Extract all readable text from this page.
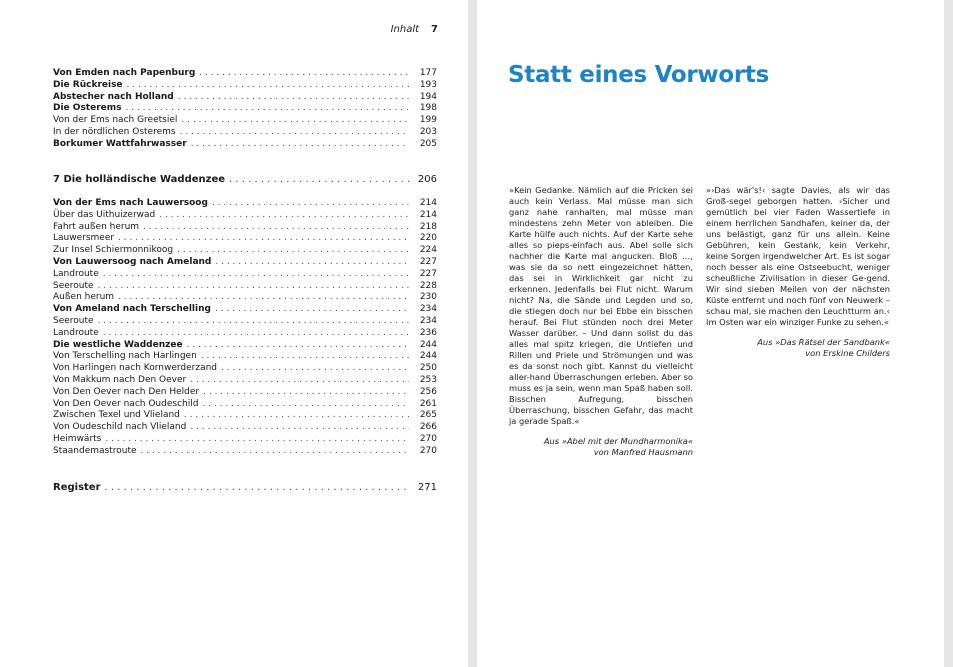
Inhalt 7
Von Emden nach Papenburg . . .	177
Die Rückreise . . .	193
Abstecher nach Holland . . .	194
Die Osterems . . .	198
Von der Ems nach Greetsiel . . .	199
In der nördlichen Osterems . . .	203
Borkumer Wattfahrwasser . . .	205
7 Die holländische Waddenzee . . .	206
Von der Ems nach Lauwersoog . . .	214
Über das Uithuizerwad . . .	214
Fahrt außen herum . . .	218
Lauwersmeer . . .	220
Zur Insel Schiermonnikoog . . .	224
Von Lauwersoog nach Ameland . . .	227
Landroute . . .	227
Seeroute . . .	228
Außen herum . . .	230
Von Ameland nach Terschelling . . .	234
Seeroute . . .	234
Landroute . . .	236
Die westliche Waddenzee . . .	244
Von Terschelling nach Harlingen . . .	244
Von Harlingen nach Kornwerderzand . . .	250
Von Makkum nach Den Oever . . .	253
Von Den Oever nach Den Helder . . .	256
Von Den Oever nach Oudeschild . . .	261
Zwischen Texel und Vlieland . . .	265
Von Oudeschild nach Vlieland . . .	266
Heimwärts . . .	270
Staandemastroute . . .	270
Register . . .	271
Statt eines Vorworts

»Kein Gedanke. Nämlich auf die Pricken sei auch kein Verlass. Mal müsse man sich ganz nahe ranhalten, mal müsse man mindestens zehn Meter von ableiben. Die Karte hülfe auch nichts. Auf der Karte sehe alles so pieps-einfach aus. Abel solle sich nachher die Karte mal angucken. Bloß …, was sie da so nett eingezeichnet hätten, das sei in Wirklichkeit gar nicht zu erkennen. Jedenfalls bei Flut nicht. Warum nicht? Na, die Sände und Legden und so, die stiegen doch nur bei Ebbe ein bisschen herauf. Bei Flut stünden noch drei Meter Wasser darüber. – Und dann sollst du das alles mal spitz kriegen, die Untiefen und Rillen und Priele und Strömungen und was es da sonst noch gibt. Kannst du vielleicht aller-hand Überraschungen erleben. Aber so muss es ja sein, wenn man Spaß haben soll. Bisschen Aufregung, bisschen Überraschung, bisschen Gefahr, das macht ja gerade Spaß.«

Aus »Abel mit der Mundharmonika«
von Manfred Hausmann

»›Das wär's!‹ sagte Davies, als wir das Groß-segel geborgen hatten. ›Sicher und gemütlich bei vier Faden Wassertiefe in einem herrlichen Sandhafen, keiner da, der uns belästigt, ganz für uns allein. Keine Gebühren, kein Gestank, kein Verkehr, keine Sorgen irgendwelcher Art. Es ist sogar noch besser als eine Ostseebucht, weniger scheußliche Zivilisation in dieser Ge-gend. Wir sind sieben Meilen von der nächsten Küste entfernt und noch fünf von Neuwerk – schau mal, sie machen den Leuchtturm an.‹ Im Osten war ein winziger Funke zu sehen.«

Aus »Das Rätsel der Sandbank«
von Erskine Childers
